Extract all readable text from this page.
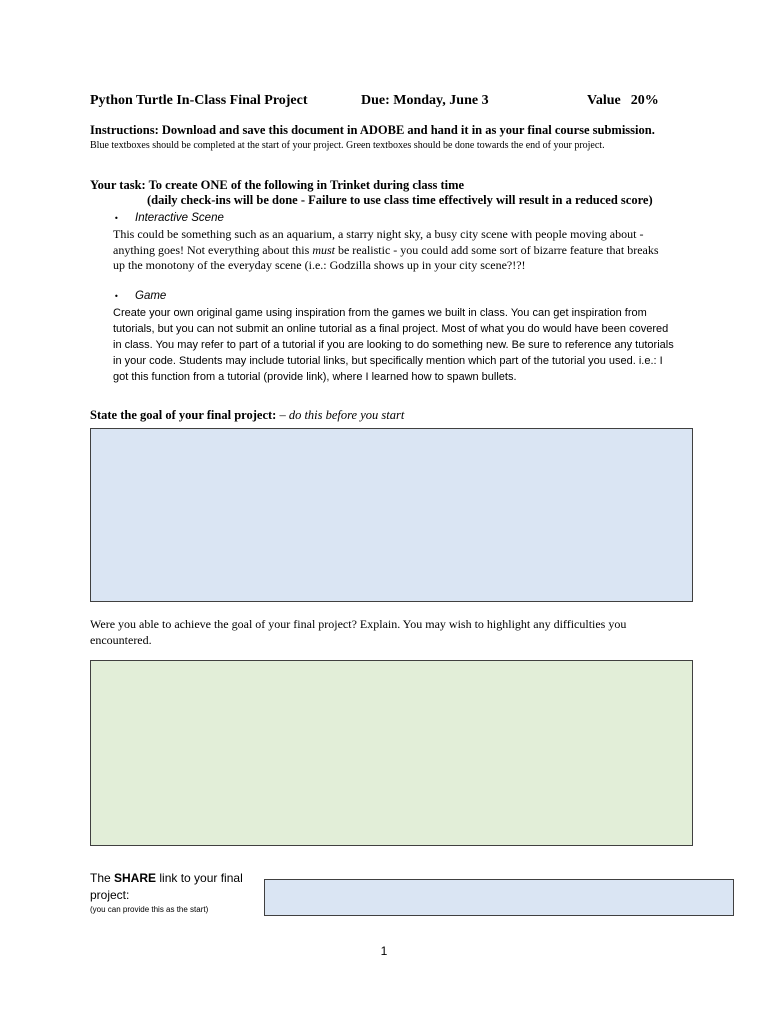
Python Turtle In-Class Final Project	Due: Monday, June 3	Value 20%
Instructions: Download and save this document in ADOBE and hand it in as your final course submission.
Blue textboxes should be completed at the start of your project. Green textboxes should be done towards the end of your project.
Your task: To create ONE of the following in Trinket during class time
(daily check-ins will be done - Failure to use class time effectively will result in a reduced score)
• Interactive Scene
This could be something such as an aquarium, a starry night sky, a busy city scene with people moving about - anything goes! Not everything about this must be realistic - you could add some sort of bizarre feature that breaks up the monotony of the everyday scene (i.e.: Godzilla shows up in your city scene?!?!
• Game
Create your own original game using inspiration from the games we built in class. You can get inspiration from tutorials, but you can not submit an online tutorial as a final project. Most of what you do would have been covered in class. You may refer to part of a tutorial if you are looking to do something new. Be sure to reference any tutorials in your code. Students may include tutorial links, but specifically mention which part of the tutorial you used. i.e.: I got this function from a tutorial (provide link), where I learned how to spawn bullets.
State the goal of your final project: – do this before you start
Were you able to achieve the goal of your final project? Explain. You may wish to highlight any difficulties you encountered.
The SHARE link to your final project:
(you can provide this as the start)
1
